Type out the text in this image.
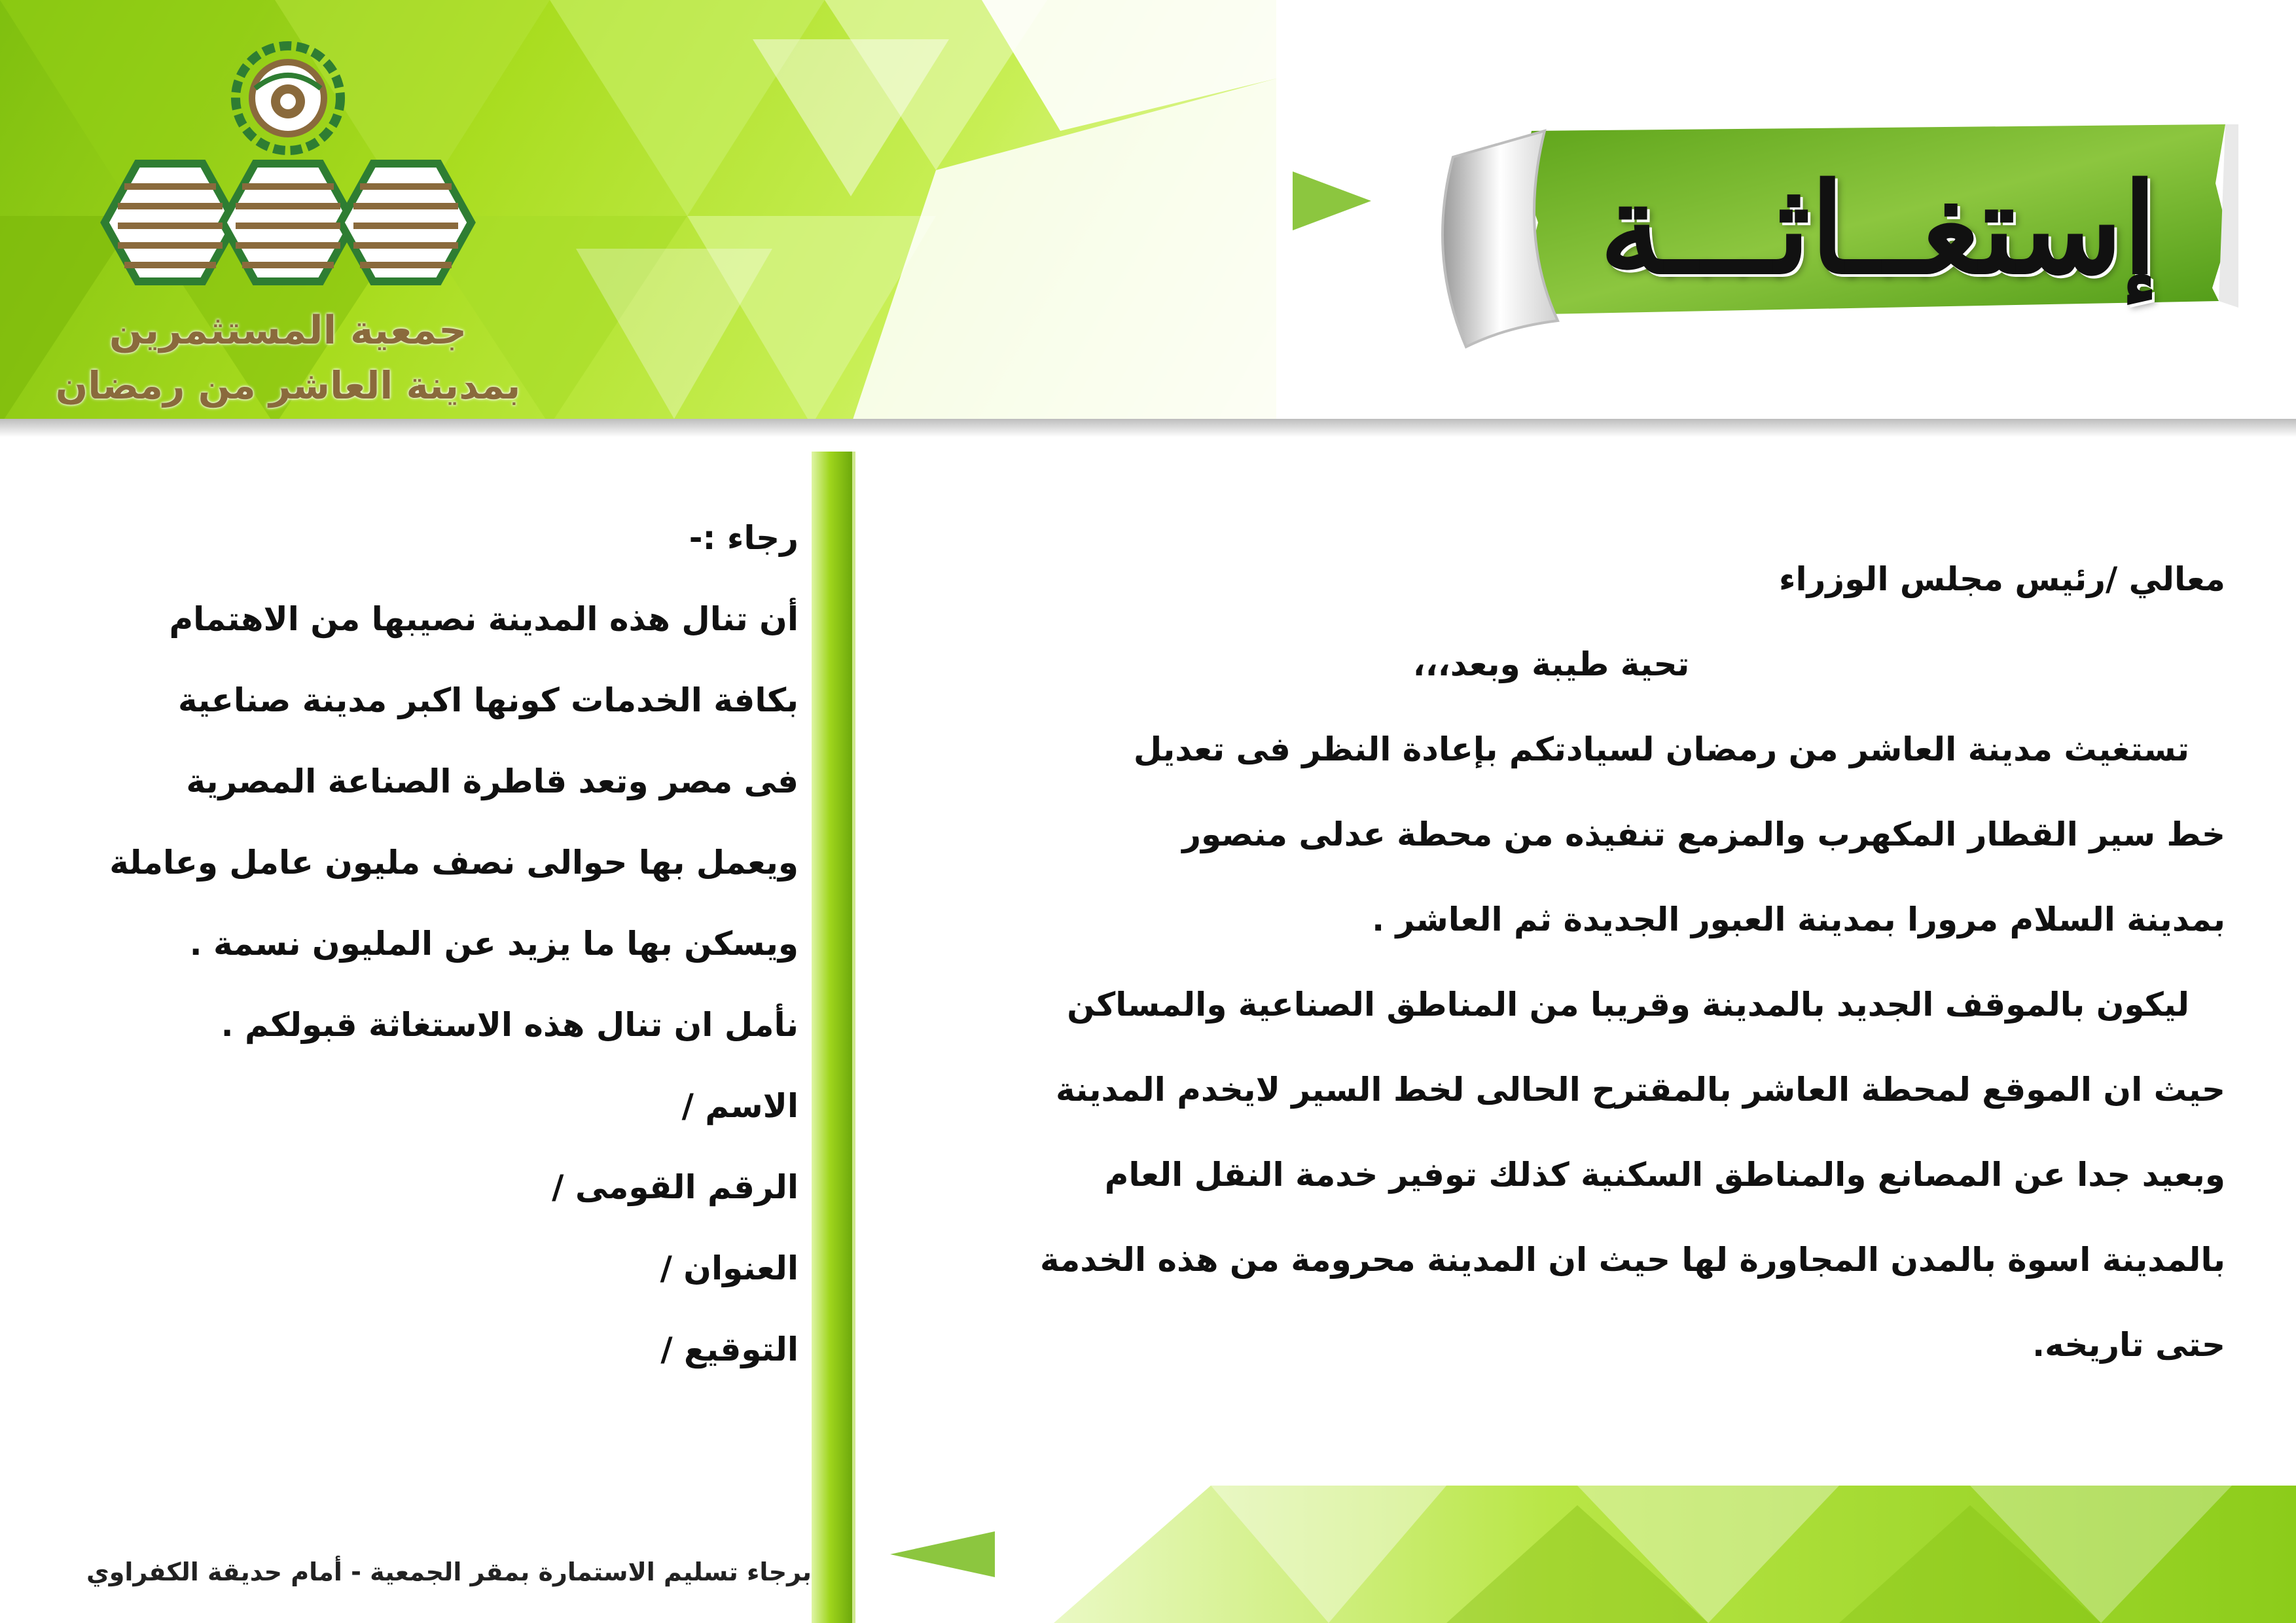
جمعية المستثمرين

بمدينة العاشر من رمضان

إستغــاثـــة

رجاء :-

أن تنال هذه المدينة نصيبها من الاهتمام

بكافة الخدمات كونها اكبر مدينة صناعية

فى مصر وتعد قاطرة الصناعة المصرية

ويعمل بها حوالى نصف مليون عامل وعاملة

ويسكن بها ما يزيد عن المليون نسمة .

نأمل ان تنال هذه الاستغاثة قبولكم .

الاسم /

الرقم القومى /

العنوان /

التوقيع /

برجاء تسليم الاستمارة بمقر الجمعية - أمام حديقة الكفراوي

معالي /رئيس مجلس الوزراء

تحية طيبة وبعد،،،

تستغيث مدينة العاشر من رمضان لسيادتكم بإعادة النظر فى تعديل

خط سير القطار المكهرب والمزمع تنفيذه من محطة عدلى منصور

بمدينة السلام مرورا بمدينة العبور الجديدة ثم العاشر .

ليكون بالموقف الجديد بالمدينة وقريبا من المناطق الصناعية والمساكن

حيث ان الموقع لمحطة العاشر بالمقترح الحالى لخط السير لايخدم المدينة

وبعيد جدا عن المصانع والمناطق السكنية كذلك توفير خدمة النقل العام

بالمدينة اسوة بالمدن المجاورة لها حيث ان المدينة محرومة من هذه الخدمة

حتى تاريخه.
